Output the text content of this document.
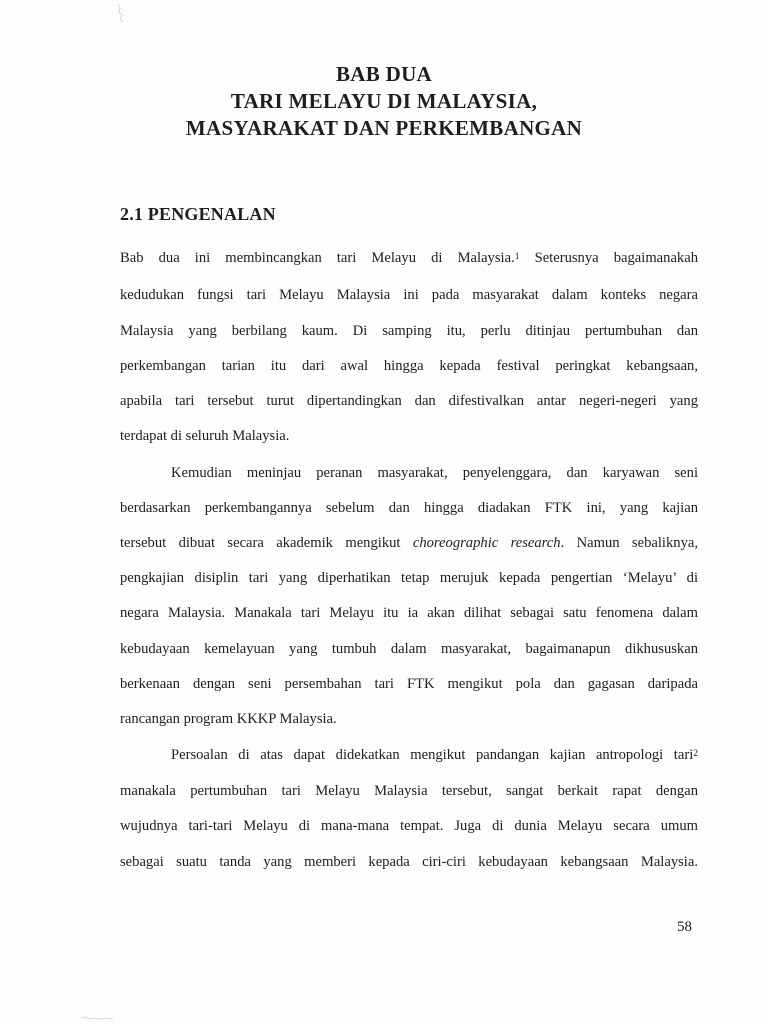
BAB DUA
TARI MELAYU DI MALAYSIA,
MASYARAKAT DAN PERKEMBANGAN
2.1 PENGENALAN
Bab dua ini membincangkan tari Melayu di Malaysia.$^1$ Seterusnya bagaimanakah
kedudukan fungsi tari Melayu Malaysia ini pada masyarakat dalam konteks negara
Malaysia yang berbilang kaum. Di samping itu, perlu ditinjau pertumbuhan dan
perkembangan tarian itu dari awal hingga kepada festival peringkat kebangsaan,
apabila tari tersebut turut dipertandingkan dan difestivalkan antar negeri-negeri yang
terdapat di seluruh Malaysia.
Kemudian meninjau peranan masyarakat, penyelenggara, dan karyawan seni
berdasarkan perkembangannya sebelum dan hingga diadakan FTK ini, yang kajian
tersebut dibuat secara akademik mengikut choreographic research. Namun sebaliknya,
pengkajian disiplin tari yang diperhatikan tetap merujuk kepada pengertian ‘Melayu’ di
negara Malaysia. Manakala tari Melayu itu ia akan dilihat sebagai satu fenomena dalam
kebudayaan kemelayuan yang tumbuh dalam masyarakat, bagaimanapun dikhususkan
berkenaan dengan seni persembahan tari FTK mengikut pola dan gagasan daripada
rancangan program KKKP Malaysia.
Persoalan di atas dapat didekatkan mengikut pandangan kajian antropologi tari$^2$
manakala pertumbuhan tari Melayu Malaysia tersebut, sangat berkait rapat dengan
wujudnya tari-tari Melayu di mana-mana tempat. Juga di dunia Melayu secara umum
sebagai suatu tanda yang memberi kepada ciri-ciri kebudayaan kebangsaan Malaysia.
58
